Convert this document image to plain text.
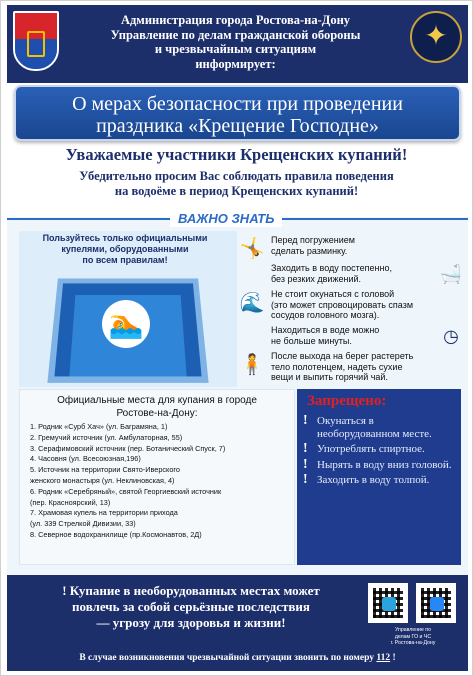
Администрация города Ростова-на-Дону
Управление по делам гражданской обороны
и чрезвычайным ситуациям
информирует:
✦
О мерах безопасности при проведении
праздника «Крещение Господне»
Уважаемые участники Крещенских купаний!
Убедительно просим Вас соблюдать правила поведения
на водоёме в период Крещенских купаний!
ВАЖНО ЗНАТЬ
Пользуйтесь только официальными
купелями, оборудованными
по всем правилам!
🏊
🤸 Перед погружением
сделать разминку.
Заходить в воду постепенно,
без резких движений.	🛁
🌊 Не стоит окунаться с головой
(это может спровоцировать спазм
сосудов головного мозга).
Находиться в воде можно
не больше минуты.	◷
🧍 После выхода на берег растереть
тело полотенцем, надеть сухие
вещи и выпить горячий чай.
Официальные места для купания в городе
Ростове-на-Дону:
1. Родник «Сурб Хач» (ул. Баграмяна, 1)
2. Гремучий источник (ул. Амбулаторная, 55)
3. Серафимовский источник (пер. Ботанический Спуск, 7)
4. Часовня (ул. Всесоюзная,196)
5. Источник на территории Свято-Иверского
женского монастыря (ул. Неклиновская, 4)
6. Родник «Серебряный», святой Георгиевский источник
(пер. Красноярский, 13)
7. Храмовая купель на территории прихода
(ул. 339 Стрелкой Дивизии, 33)
8. Северное водохранилище (пр.Космонавтов, 2Д)
Запрещено:
! Окунаться в необорудованном месте.
! Употреблять спиртное.
! Нырять в воду вниз головой.
! Заходить в воду толпой.
! Купание в необорудованных местах может
повлечь за собой серьёзные последствия
— угрозу для здоровья и жизни!	Управление по
делам ГО и ЧС
г. Ростова-на-Дону
В случае возникновения чрезвычайной ситуации звонить по номеру 112 !
